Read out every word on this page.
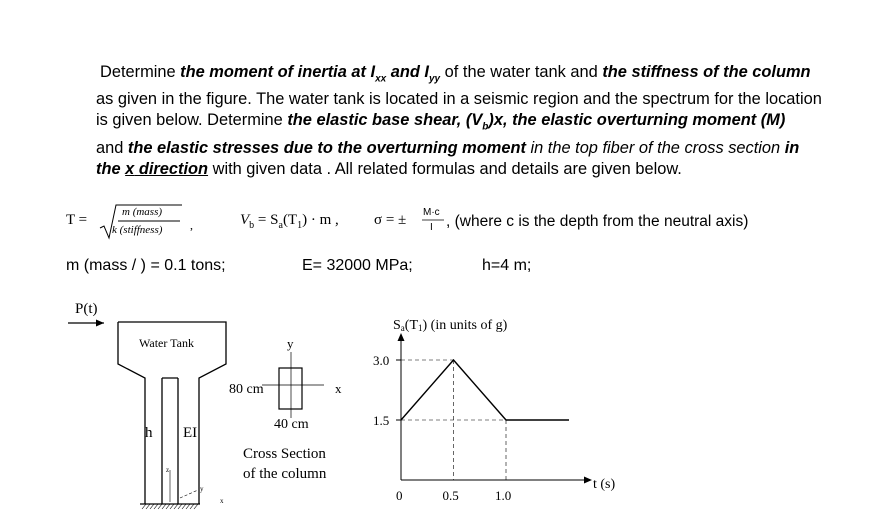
Determine the moment of inertia at $I_{xx}$ and $I_{yy}$ of the water tank and the stiffness of the column
as given in the figure. The water tank is located in a seismic region and the spectrum for the location
is given below. Determine the elastic base shear, $(V_b)x$, the elastic overturning moment (M)
and the elastic stresses due to the overturning moment in the top fiber of the cross section in
the x direction with given data . All related formulas and details are given below.
T =	m (mass)
k (stiffness) ,	$V_b = S_a(T_1) \cdot m$ , σ = ± M·c
I , (where c is the depth from the neutral axis)
m (mass / ) = 0.1 tons;	E= 32000 MPa;	h=4 m;
P(t)
Water Tank
h EI
z
y
x
y
x
80 cm
40 cm
Cross Section
of the column
Sa(T1) (in units of g)
t (s)
1.5
3.0
0	0.5	1.0
